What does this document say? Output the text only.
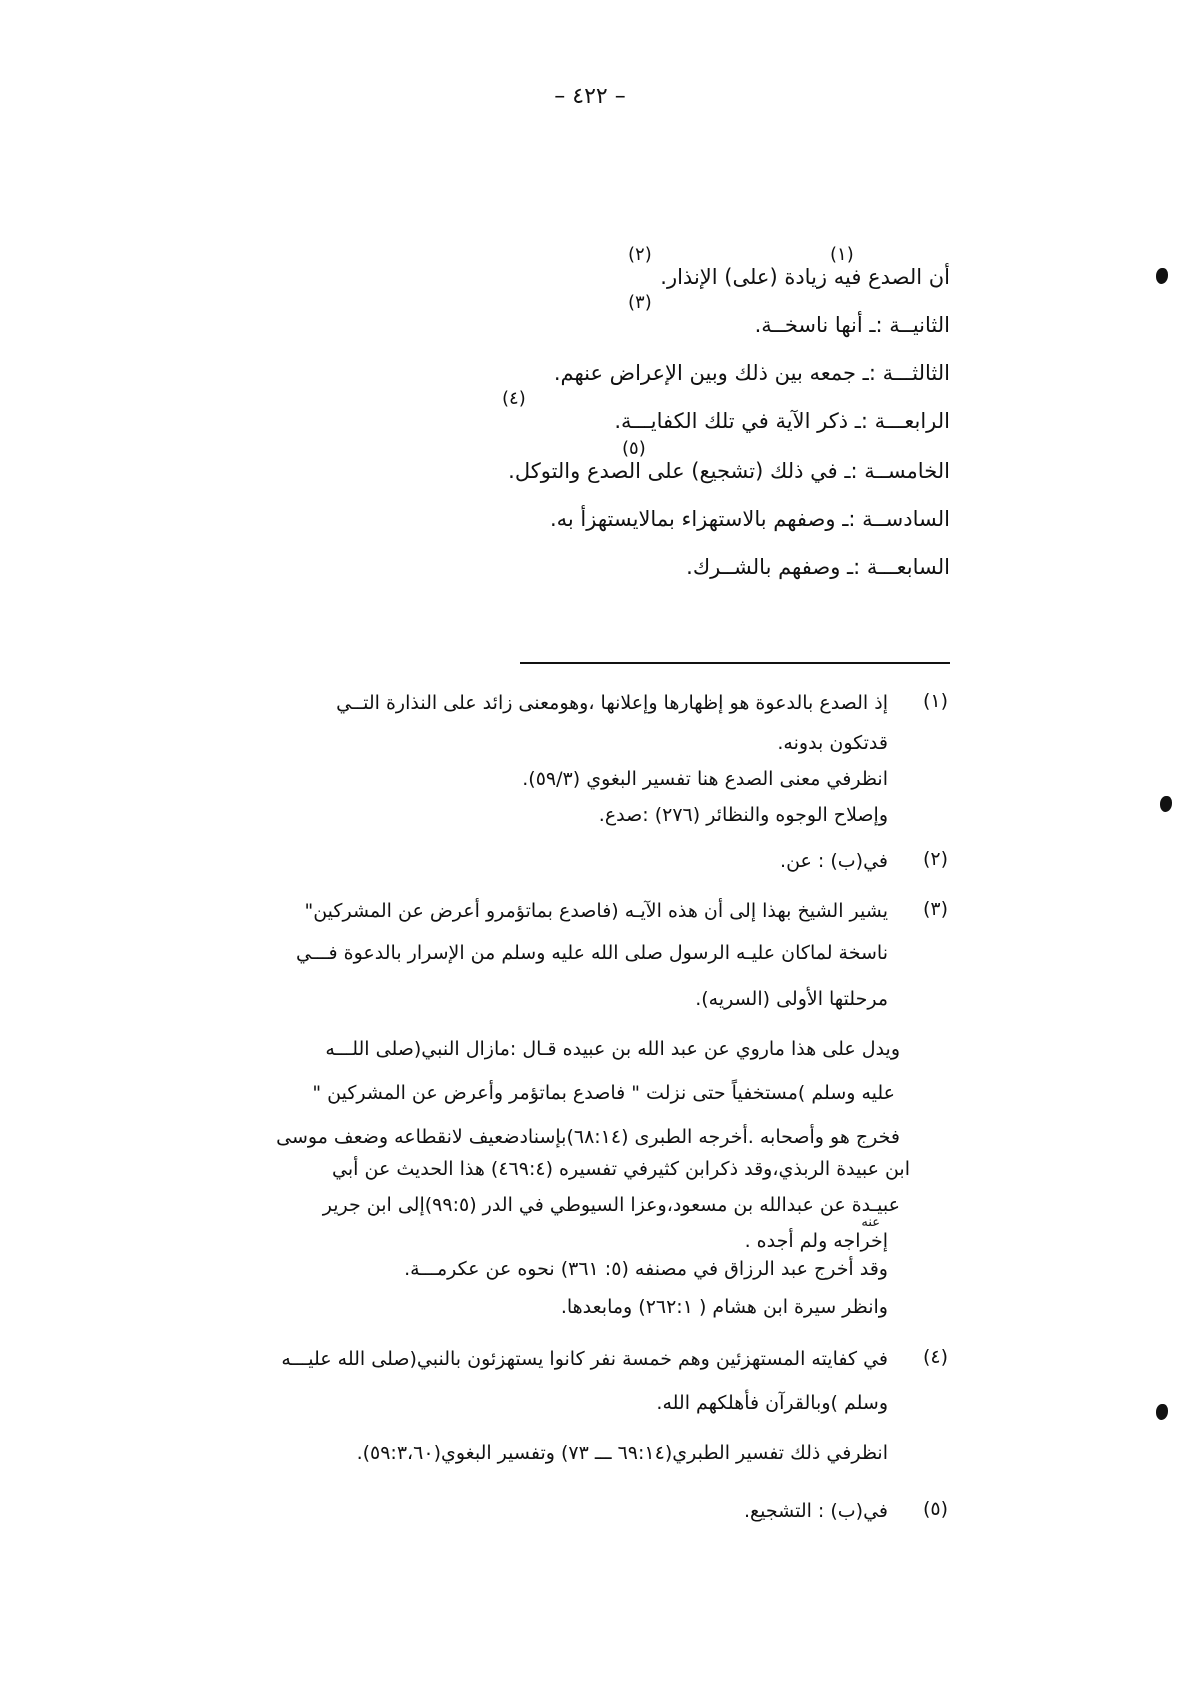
– ٤٢٢ –
(٢)	(١)
أن الصدع فيه زيادة (على) الإنذار.
(٣)
الثانيــة :ـ أنها ناسخــة.
الثالثـــة :ـ جمعه بين ذلك وبين الإعراض عنهم.
(٤)
الرابعـــة :ـ ذكر الآية في تلك الكفايـــة.
(٥)
الخامســة :ـ في ذلك (تشجيع) على الصدع والتوكل.
السادســة :ـ وصفهم بالاستهزاء بمالايستهزأ به.
السابعـــة :ـ وصفهم بالشــرك.
(١)
إذ الصدع بالدعوة هو إظهارها وإعلانها ،وهومعنى زائد على النذارة التــي
قدتكون بدونه.
انظرفي معنى الصدع هنا تفسير البغوي (٥٩/٣).
وإصلاح الوجوه والنظائر (٢٧٦) :صدع.
(٢)
في(ب) : عن.
(٣)
يشير الشيخ بهذا إلى أن هذه الآيـه (فاصدع بماتؤمرو أعرض عن المشركين"
ناسخة لماكان عليـه الرسول صلى الله عليه وسلم من الإسرار بالدعوة فـــي
مرحلتها الأولى (السريه).
ويدل على هذا ماروي عن عبد الله بن عبيده قـال :مازال النبي(صلى اللـــه
عليه وسلم )مستخفياً حتى نزلت " فاصدع بماتؤمر وأعرض عن المشركين "
فخرج هو وأصحابه .أخرجه الطبرى (٦٨:١٤)بإسنادضعيف لانقطاعه وضعف موسى
ابن عبيدة الربذي،وقد ذكرابن كثيرفي تفسيره (٤٦٩:٤) هذا الحديث عن أبي
عبيـدة عن عبدالله بن مسعود،وعزا السيوطي في الدر (٩٩:٥)إلى ابن جرير
عنه
إخراجه ولم أجده .
وقد أخرج عبد الرزاق في مصنفه (٥: ٣٦١) نحوه عن عكرمـــة.
وانظر سيرة ابن هشام ( ٢٦٢:١) ومابعدها.
(٤)
في كفايته المستهزئين وهم خمسة نفر كانوا يستهزئون بالنبي(صلى الله عليـــه
وسلم )وبالقرآن فأهلكهم الله.
انظرفي ذلك تفسير الطبري(٦٩:١٤ ـــ ٧٣) وتفسير البغوي(٥٩:٣،٦٠).
(٥)
في(ب) : التشجيع.
